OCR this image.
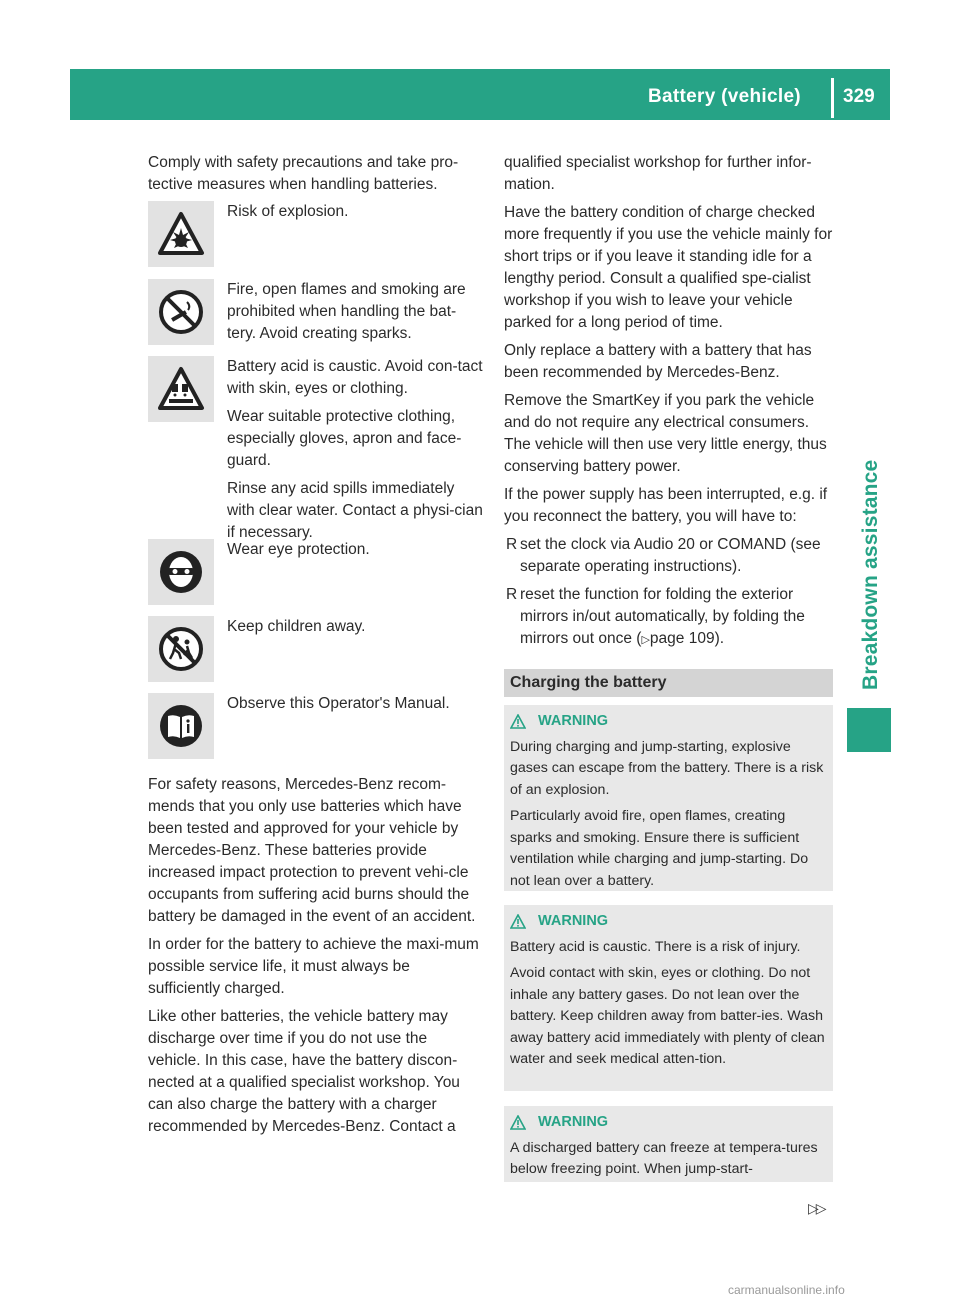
Battery (vehicle) 329
Breakdown assistance

Comply with safety precautions and take pro-tective measures when handling batteries.

Risk of explosion.

Fire, open flames and smoking are prohibited when handling the bat-tery. Avoid creating sparks.

Battery acid is caustic. Avoid con-tact with skin, eyes or clothing.

Wear suitable protective clothing, especially gloves, apron and face-guard.

Rinse any acid spills immediately with clear water. Contact a physi-cian if necessary.

Wear eye protection.

Keep children away.

Observe this Operator's Manual.

For safety reasons, Mercedes-Benz recom-mends that you only use batteries which have been tested and approved for your vehicle by Mercedes-Benz. These batteries provide increased impact protection to prevent vehi-cle occupants from suffering acid burns should the battery be damaged in the event of an accident.

In order for the battery to achieve the maxi-mum possible service life, it must always be sufficiently charged.

Like other batteries, the vehicle battery may discharge over time if you do not use the vehicle. In this case, have the battery discon-nected at a qualified specialist workshop. You can also charge the battery with a charger recommended by Mercedes-Benz. Contact a

qualified specialist workshop for further infor-mation.

Have the battery condition of charge checked more frequently if you use the vehicle mainly for short trips or if you leave it standing idle for a lengthy period. Consult a qualified spe-cialist workshop if you wish to leave your vehicle parked for a long period of time.

Only replace a battery with a battery that has been recommended by Mercedes-Benz.

Remove the SmartKey if you park the vehicle and do not require any electrical consumers. The vehicle will then use very little energy, thus conserving battery power.

If the power supply has been interrupted, e.g. if you reconnect the battery, you will have to:

R set the clock via Audio 20 or COMAND (see separate operating instructions).
R reset the function for folding the exterior mirrors in/out automatically, by folding the mirrors out once (▷page 109).
Charging the battery
WARNING

During charging and jump-starting, explosive gases can escape from the battery. There is a risk of an explosion.

Particularly avoid fire, open flames, creating sparks and smoking. Ensure there is sufficient ventilation while charging and jump-starting. Do not lean over a battery.

WARNING

Battery acid is caustic. There is a risk of injury.

Avoid contact with skin, eyes or clothing. Do not inhale any battery gases. Do not lean over the battery. Keep children away from batter-ies. Wash away battery acid immediately with plenty of clean water and seek medical atten-tion.

WARNING

A discharged battery can freeze at tempera-tures below freezing point. When jump-start-

▷▷
carmanualsonline.info
